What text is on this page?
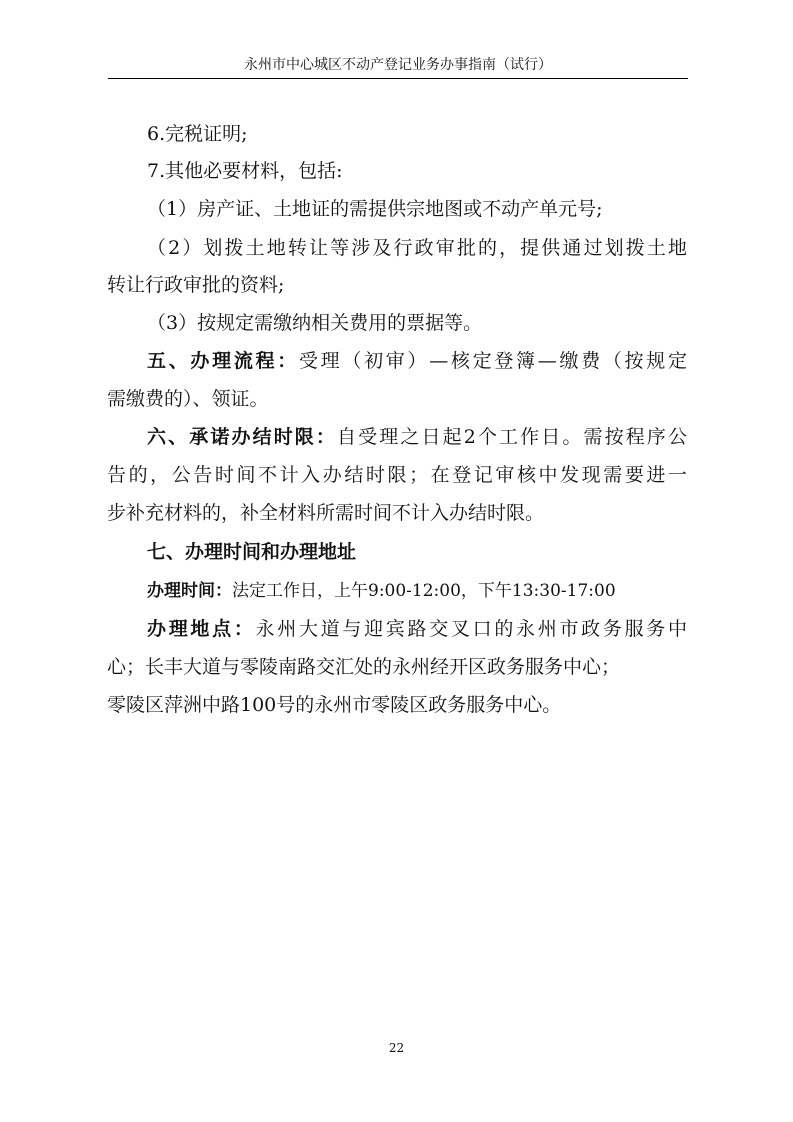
永州市中心城区不动产登记业务办事指南（试行）
6.完税证明;
7.其他必要材料，包括:
（1）房产证、土地证的需提供宗地图或不动产单元号;
（2）划拨土地转让等涉及行政审批的，提供通过划拨土地
转让行政审批的资料;
（3）按规定需缴纳相关费用的票据等。
五、办理流程：受理（初审）—核定登簿—缴费（按规定
需缴费的）、领证。
六、承诺办结时限：自受理之日起2个工作日。需按程序公
告的，公告时间不计入办结时限；在登记审核中发现需要进一
步补充材料的，补全材料所需时间不计入办结时限。
七、办理时间和办理地址
办理时间：法定工作日，上午9:00-12:00，下午13:30-17:00
办理地点：永州大道与迎宾路交叉口的永州市政务服务中
心；长丰大道与零陵南路交汇处的永州经开区政务服务中心；
零陵区萍洲中路100号的永州市零陵区政务服务中心。
22
